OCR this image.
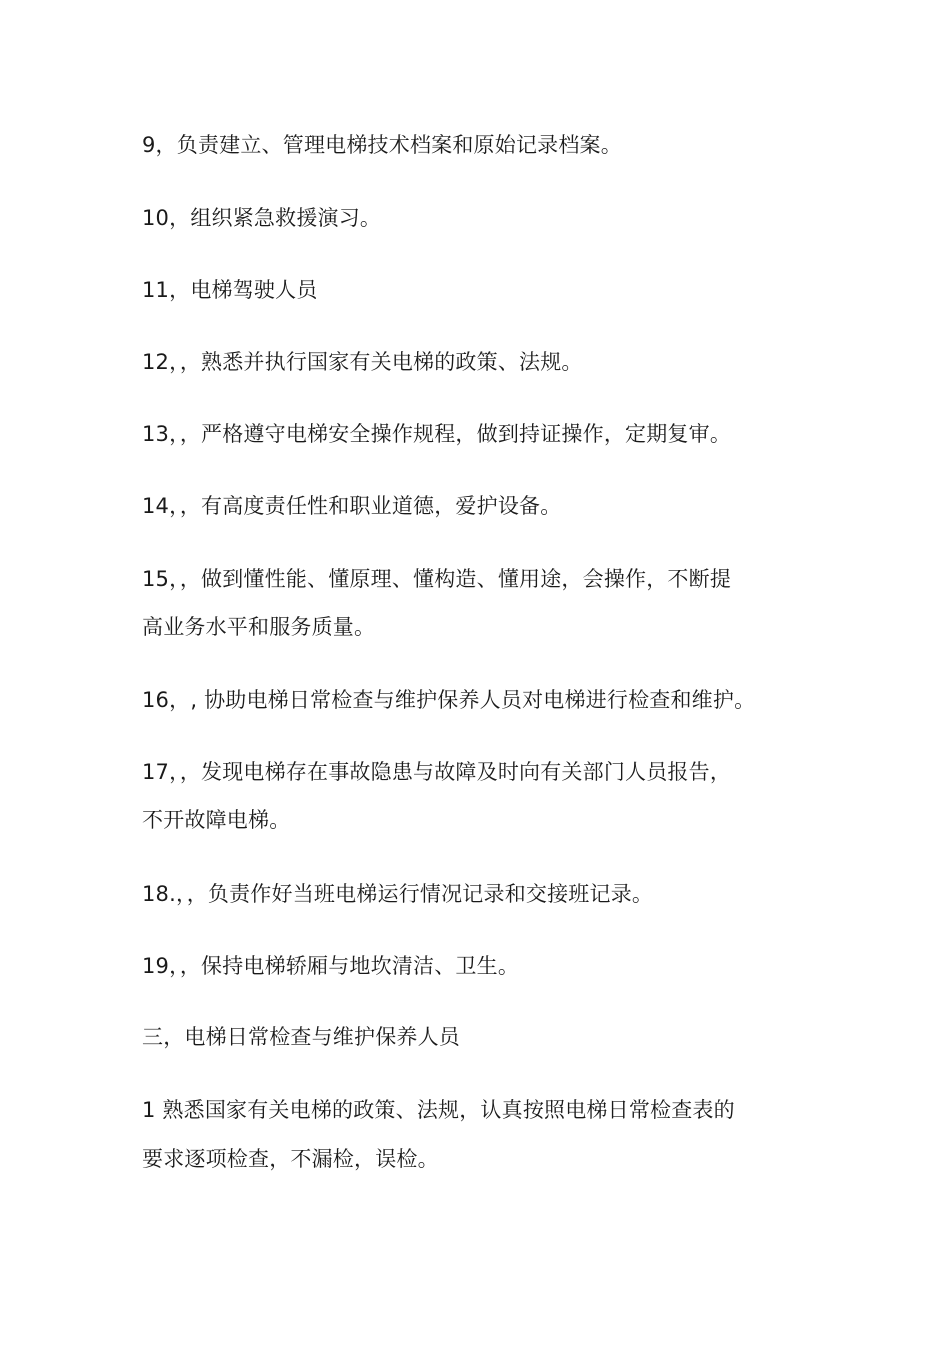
9，负责建立、管理电梯技术档案和原始记录档案。
10，组织紧急救援演习。
11，电梯驾驶人员
12，，熟悉并执行国家有关电梯的政策、法规。
13，，严格遵守电梯安全操作规程，做到持证操作，定期复审。
14，，有高度责任性和职业道德，爱护设备。
15，，做到懂性能、懂原理、懂构造、懂用途，会操作，不断提
高业务水平和服务质量。
16，, 协助电梯日常检查与维护保养人员对电梯进行检查和维护。
17，，发现电梯存在事故隐患与故障及时向有关部门人员报告，
不开故障电梯。
18.，，负责作好当班电梯运行情况记录和交接班记录。
19，，保持电梯轿厢与地坎清洁、卫生。
三，电梯日常检查与维护保养人员
1 熟悉国家有关电梯的政策、法规，认真按照电梯日常检查表的
要求逐项检查，不漏检，误检。
